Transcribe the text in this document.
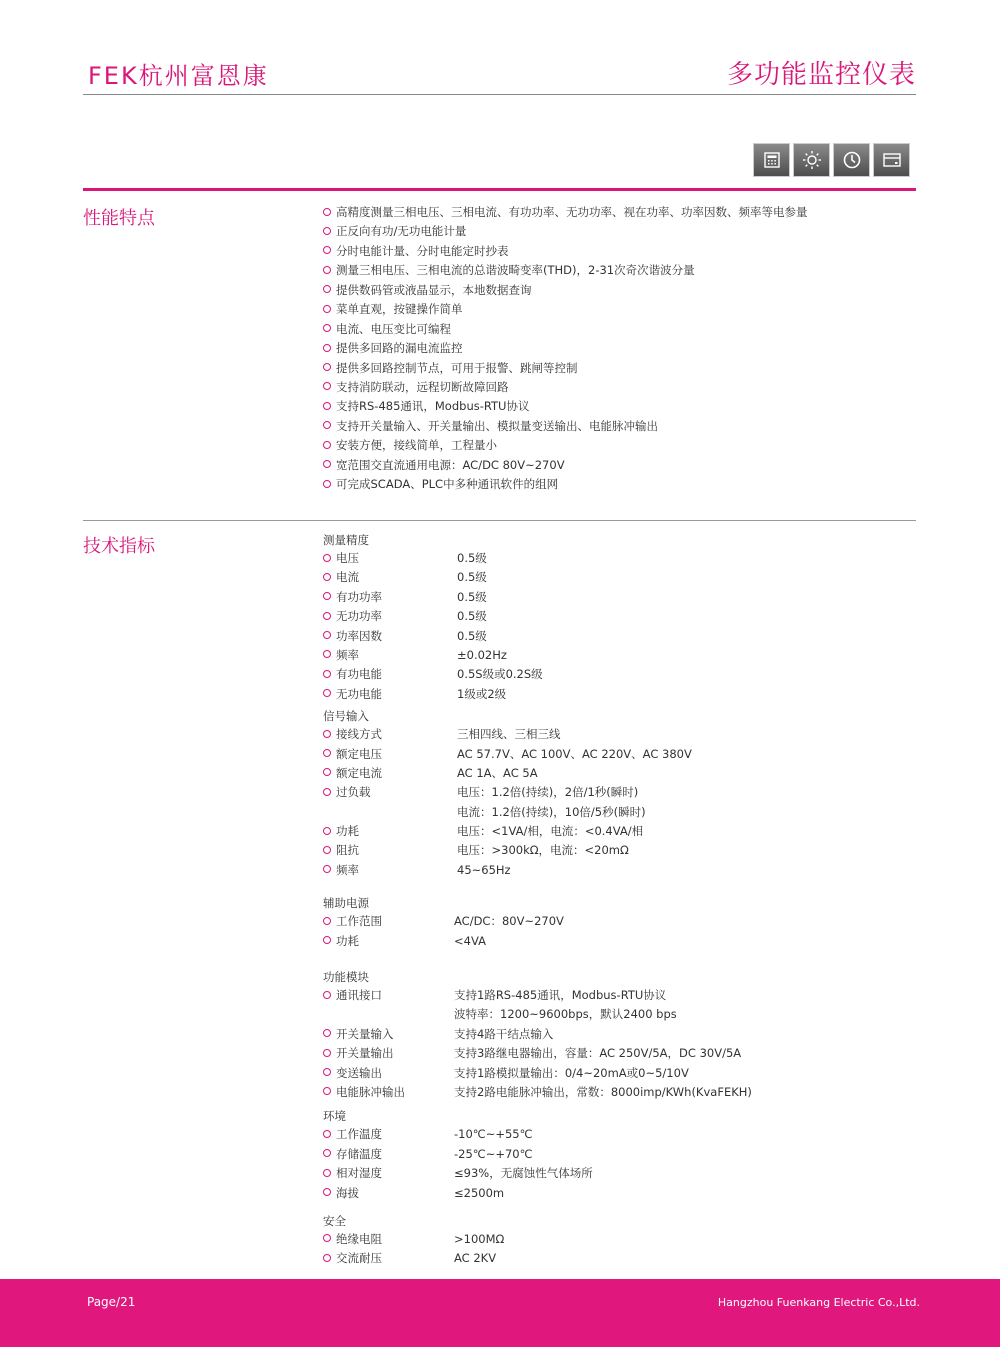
FEK杭州富恩康	多功能监控仪表
性能特点	高精度测量三相电压、三相电流、有功功率、无功功率、视在功率、功率因数、频率等电参量
正反向有功/无功电能计量
分时电能计量、分时电能定时抄表
测量三相电压、三相电流的总谐波畸变率(THD)，2-31次奇次谐波分量
提供数码管或液晶显示，本地数据查询
菜单直观，按键操作简单
电流、电压变比可编程
提供多回路的漏电流监控
提供多回路控制节点，可用于报警、跳闸等控制
支持消防联动，远程切断故障回路
支持RS-485通讯，Modbus-RTU协议
支持开关量输入、开关量输出、模拟量变送输出、电能脉冲输出
安装方便，接线简单，工程量小
宽范围交直流通用电源：AC/DC 80V~270V
可完成SCADA、PLC中多种通讯软件的组网
技术指标	测量精度
电压	0.5级
电流	0.5级
有功功率	0.5级
无功功率	0.5级
功率因数	0.5级
频率	±0.02Hz
有功电能	0.5S级或0.2S级
无功电能	1级或2级
信号输入
接线方式	三相四线、三相三线
额定电压	AC 57.7V、AC 100V、AC 220V、AC 380V
额定电流	AC 1A、AC 5A
过负载	电压：1.2倍(持续)，2倍/1秒(瞬时)
电流：1.2倍(持续)，10倍/5秒(瞬时)
功耗	电压：<1VA/相，电流：<0.4VA/相
阻抗	电压：>300kΩ，电流：<20mΩ
频率	45~65Hz
辅助电源
工作范围	AC/DC：80V~270V
功耗	<4VA
功能模块
通讯接口	支持1路RS-485通讯，Modbus-RTU协议
波特率：1200~9600bps，默认2400 bps
开关量输入	支持4路干结点输入
开关量输出	支持3路继电器输出，容量：AC 250V/5A，DC 30V/5A
变送输出	支持1路模拟量输出：0/4~20mA或0~5/10V
电能脉冲输出	支持2路电能脉冲输出，常数：8000imp/KWh(KvaFEKH)
环境
工作温度	-10℃~+55℃
存储温度	-25℃~+70℃
相对湿度	≤93%，无腐蚀性气体场所
海拔	≤2500m
安全
绝缘电阻	>100MΩ
交流耐压	AC 2KV
Page/21	Hangzhou Fuenkang Electric Co.,Ltd.
